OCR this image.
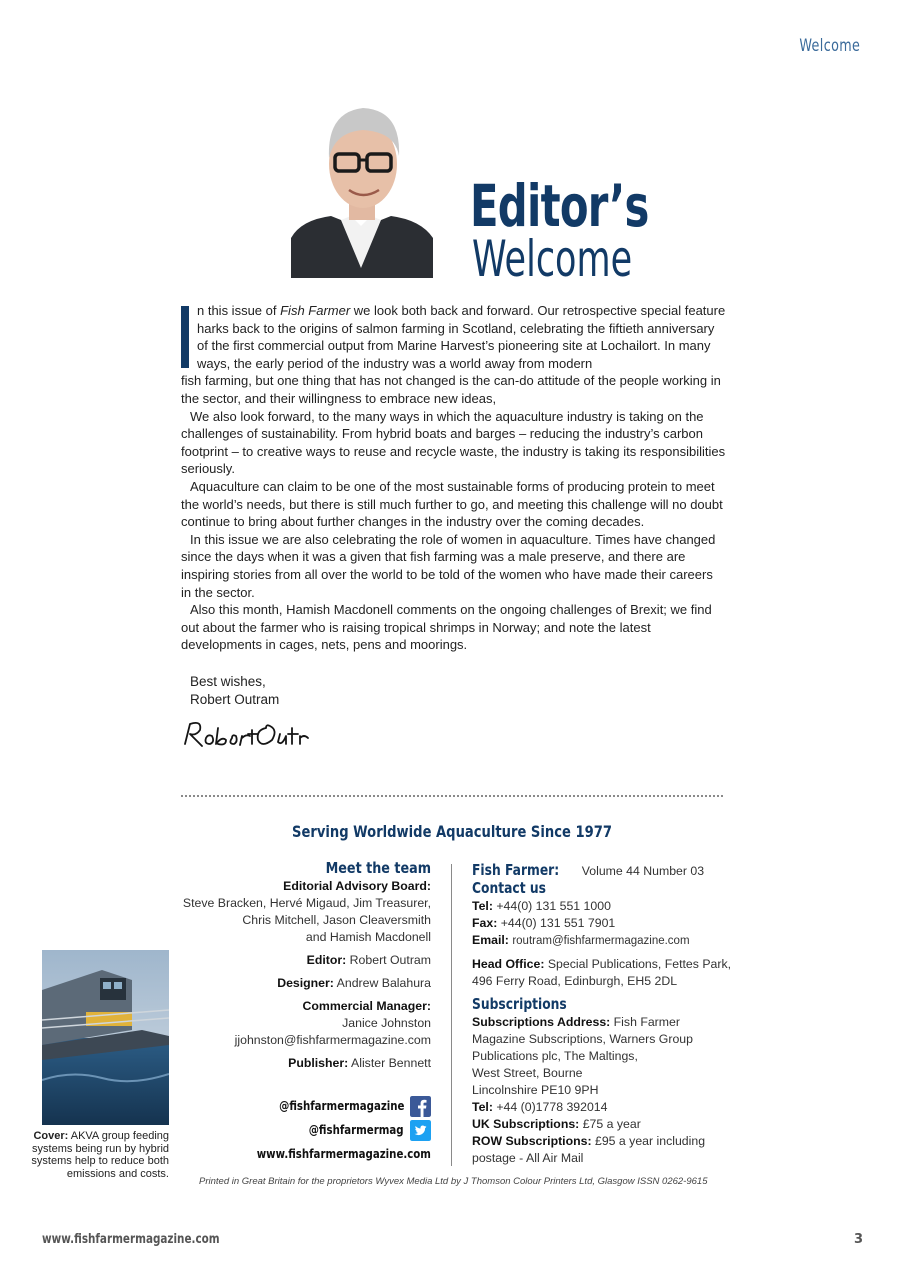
Welcome
Editor’s
Welcome

n this issue of Fish Farmer we look both back and forward. Our retrospective special feature harks back to the origins of salmon farming in Scotland, celebrating the fiftieth anniversary of the first commercial output from Marine Harvest’s pioneering site at Lochailort. In many ways, the early period of the industry was a world away from modern

fish farming, but one thing that has not changed is the can-do attitude of the people working in the sector, and their willingness to embrace new ideas,

We also look forward, to the many ways in which the aquaculture industry is taking on the challenges of sustainability. From hybrid boats and barges – reducing the industry’s carbon footprint – to creative ways to reuse and recycle waste, the industry is taking its responsibilities seriously.

Aquaculture can claim to be one of the most sustainable forms of producing protein to meet the world’s needs, but there is still much further to go, and meeting this challenge will no doubt continue to bring about further changes in the industry over the coming decades.

In this issue we are also celebrating the role of women in aquaculture. Times have changed since the days when it was a given that fish farming was a male preserve, and there are inspiring stories from all over the world to be told of the women who have made their careers in the sector.

Also this month, Hamish Macdonell comments on the ongoing challenges of Brexit; we find out about the farmer who is raising tropical shrimps in Norway; and note the latest developments in cages, nets, pens and moorings.

Best wishes,
Robert Outram
Serving Worldwide Aquaculture Since 1977
Meet the team
Editorial Advisory Board:
Steve Bracken, Hervé Migaud, Jim Treasurer,
Chris Mitchell, Jason Cleaversmith
and Hamish Macdonell
Editor: Robert Outram
Designer: Andrew Balahura
Commercial Manager:
Janice Johnston
jjohnston@fishfarmermagazine.com
Publisher: Alister Bennett
@fishfarmermagazine
@fishfarmermag
www.fishfarmermagazine.com
Fish Farmer: Volume 44 Number 03
Contact us
Tel: +44(0) 131 551 1000
Fax: +44(0) 131 551 7901
Email: routram@fishfarmermagazine.com
Head Office: Special Publications, Fettes Park,
496 Ferry Road, Edinburgh, EH5 2DL
Subscriptions
Subscriptions Address: Fish Farmer
Magazine Subscriptions, Warners Group
Publications plc, The Maltings,
West Street, Bourne
Lincolnshire PE10 9PH
Tel: +44 (0)1778 392014
UK Subscriptions: £75 a year
ROW Subscriptions: £95 a year including
postage - All Air Mail
Cover: AKVA group feeding systems being run by hybrid systems help to reduce both emissions and costs.
Printed in Great Britain for the proprietors Wyvex Media Ltd by J Thomson Colour Printers Ltd, Glasgow ISSN 0262-9615
www.fishfarmermagazine.com	3
